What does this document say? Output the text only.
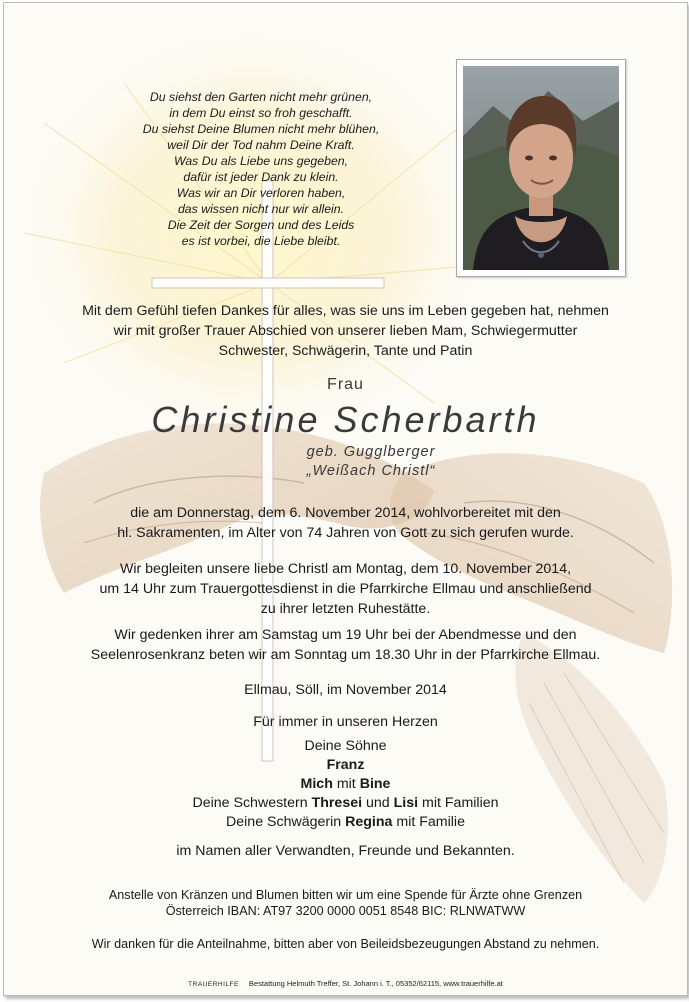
Du siehst den Garten nicht mehr grünen,
in dem Du einst so froh geschafft.
Du siehst Deine Blumen nicht mehr blühen,
weil Dir der Tod nahm Deine Kraft.
Was Du als Liebe uns gegeben,
dafür ist jeder Dank zu klein.
Was wir an Dir verloren haben,
das wissen nicht nur wir allein.
Die Zeit der Sorgen und des Leids
es ist vorbei, die Liebe bleibt.
Mit dem Gefühl tiefen Dankes für alles, was sie uns im Leben gegeben hat, nehmen
wir mit großer Trauer Abschied von unserer lieben Mam, Schwiegermutter
Schwester, Schwägerin, Tante und Patin
Frau
Christine Scherbarth
geb. Gugglberger
„Weißach Christl“
die am Donnerstag, dem 6. November 2014, wohlvorbereitet mit den
hl. Sakramenten, im Alter von 74 Jahren von Gott zu sich gerufen wurde.
Wir begleiten unsere liebe Christl am Montag, dem 10. November 2014,
um 14 Uhr zum Trauergottesdienst in die Pfarrkirche Ellmau und anschließend
zu ihrer letzten Ruhestätte.
Wir gedenken ihrer am Samstag um 19 Uhr bei der Abendmesse und den
Seelenrosenkranz beten wir am Sonntag um 18.30 Uhr in der Pfarrkirche Ellmau.
Ellmau, Söll, im November 2014
Für immer in unseren Herzen
Deine Söhne
Franz
Mich mit Bine
Deine Schwestern Thresei und Lisi mit Familien
Deine Schwägerin Regina mit Familie
im Namen aller Verwandten, Freunde und Bekannten.
Anstelle von Kränzen und Blumen bitten wir um eine Spende für Ärzte ohne Grenzen
Österreich IBAN: AT97 3200 0000 0051 8548 BIC: RLNWATWW
Wir danken für die Anteilnahme, bitten aber von Beileidsbezeugungen Abstand zu nehmen.
TRAUERHILFE Bestattung Helmuth Treffer, St. Johann i. T., 05352/62115, www.trauerhilfe.at
